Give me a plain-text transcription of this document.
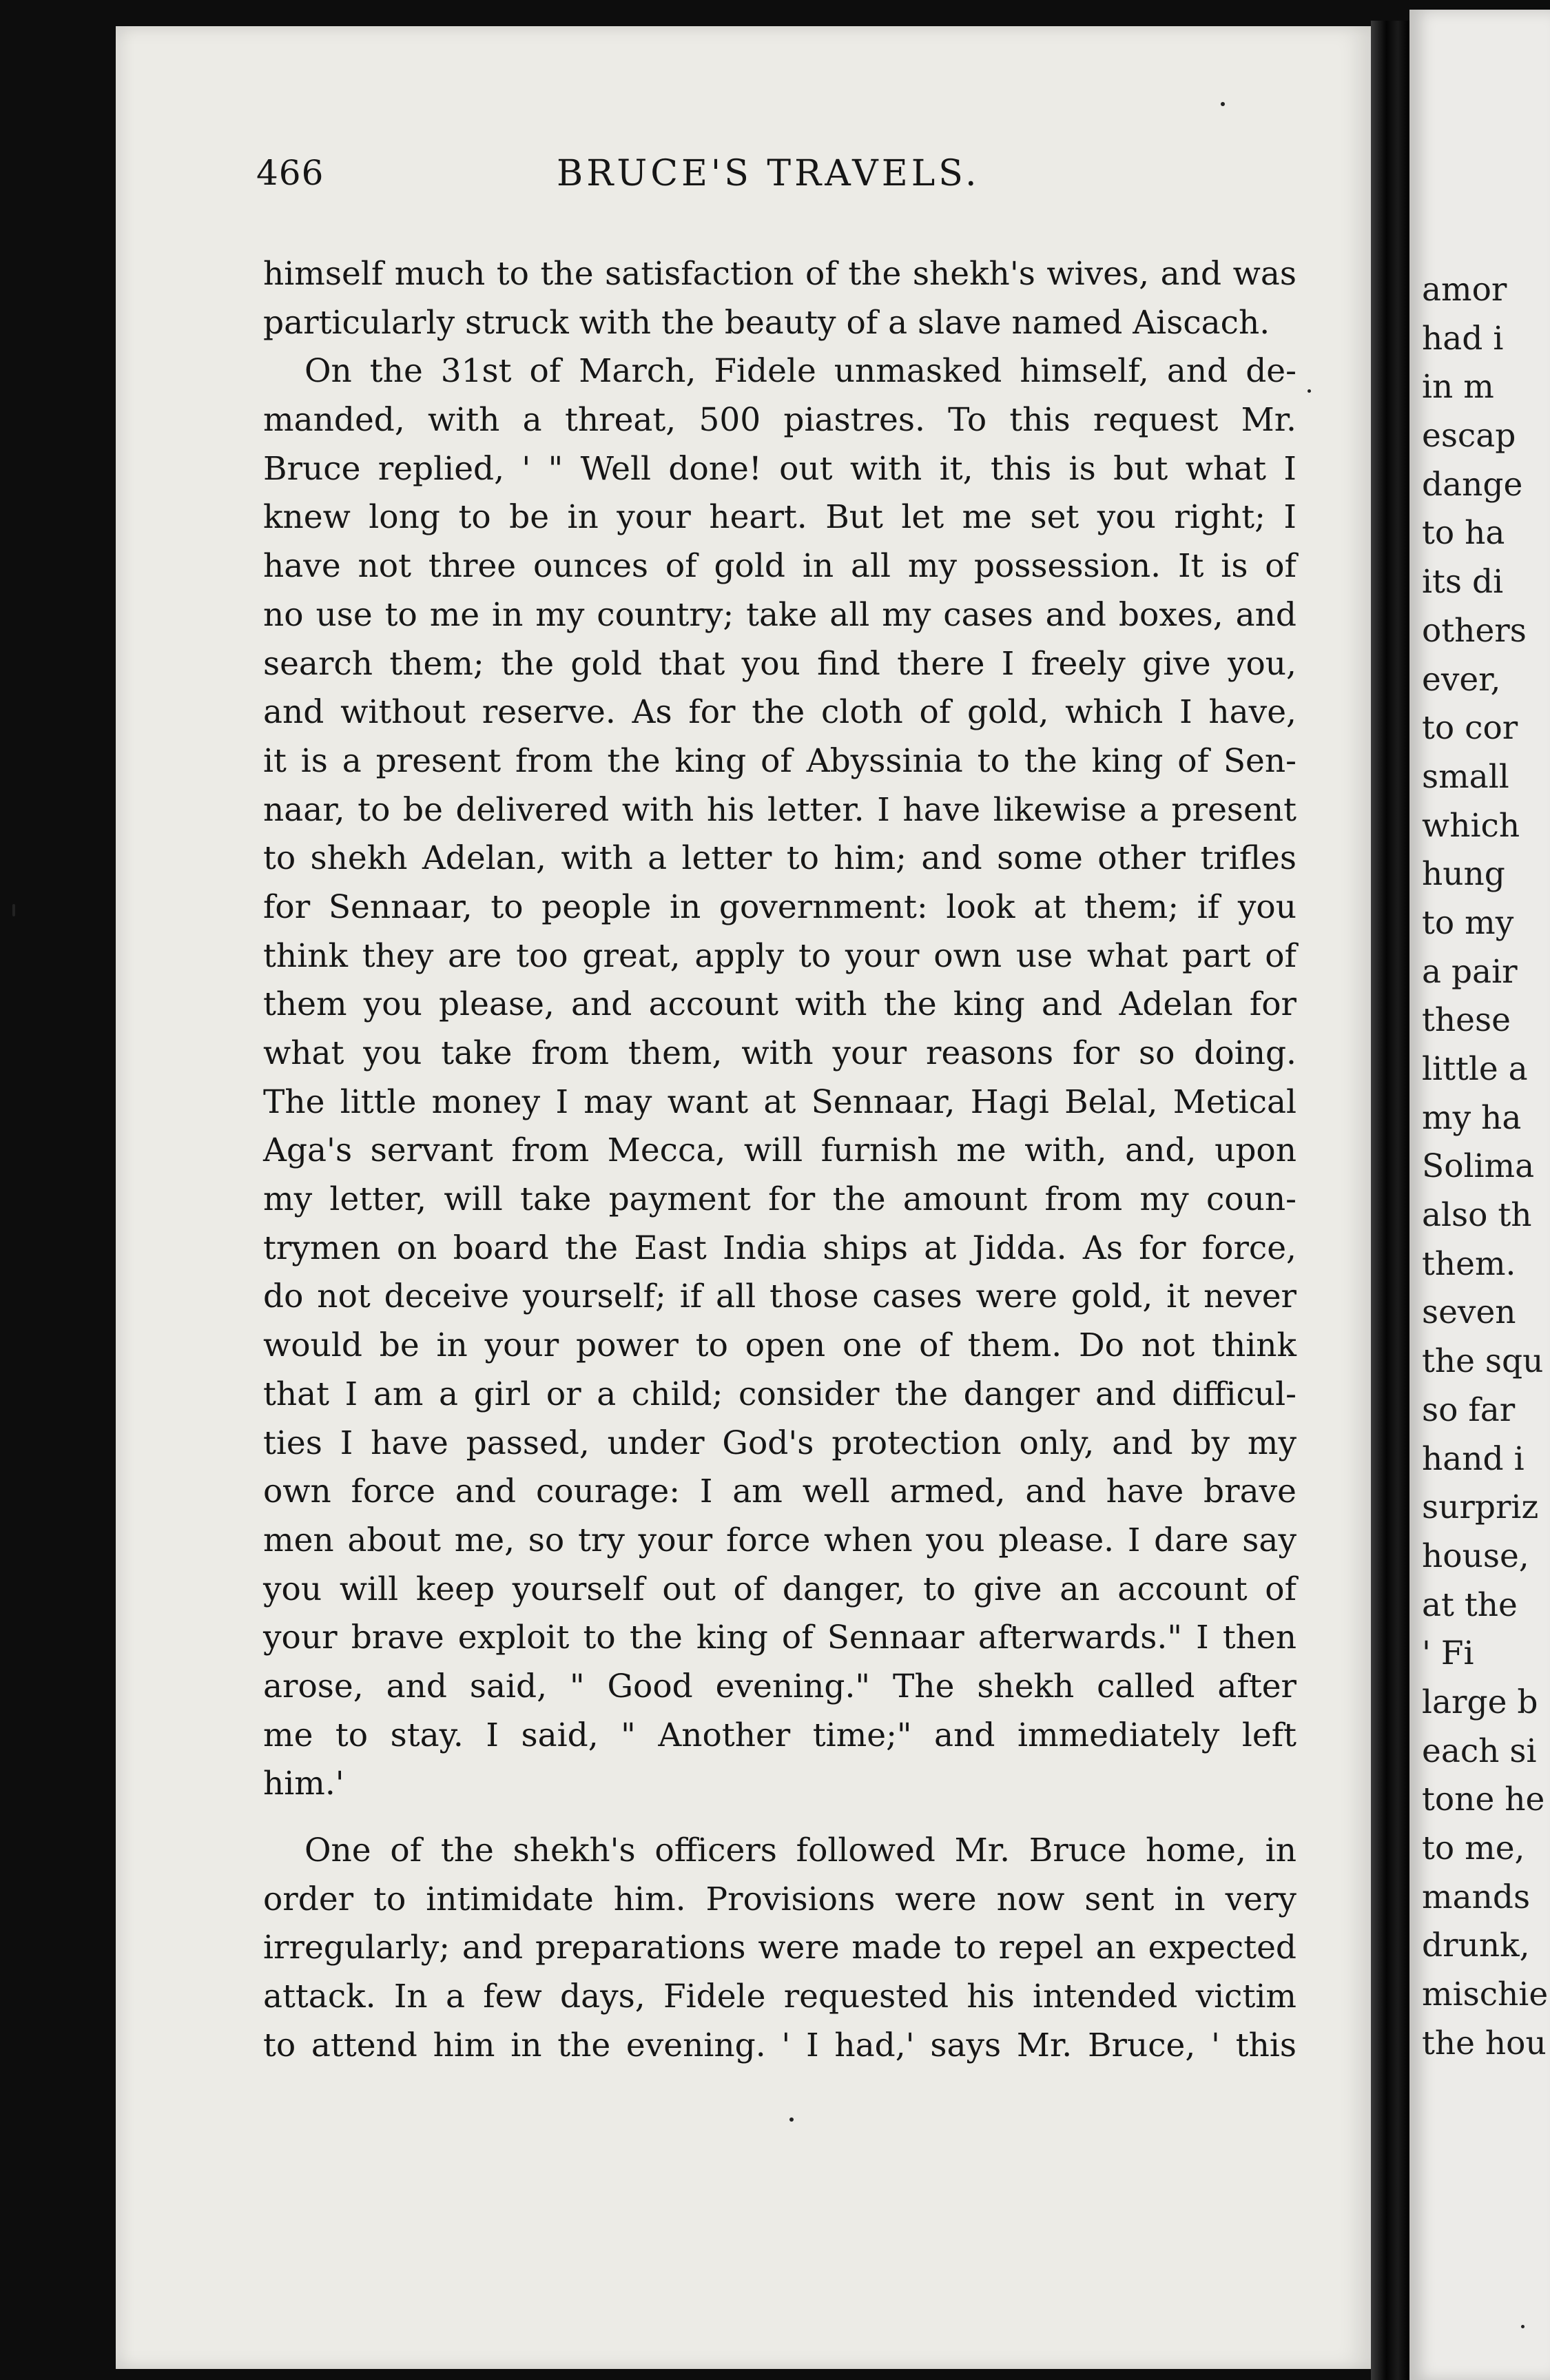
466	BRUCE'S TRAVELS.
himself much to the satisfaction of the shekh's wives, and was
particularly struck with the beauty of a slave named Aiscach.
On the 31st of March, Fidele unmasked himself, and de-
manded, with a threat, 500 piastres. To this request Mr.
Bruce replied, ' " Well done! out with it, this is but what I
knew long to be in your heart. But let me set you right; I
have not three ounces of gold in all my possession. It is of
no use to me in my country; take all my cases and boxes, and
search them; the gold that you find there I freely give you,
and without reserve. As for the cloth of gold, which I have,
it is a present from the king of Abyssinia to the king of Sen-
naar, to be delivered with his letter. I have likewise a present
to shekh Adelan, with a letter to him; and some other trifles
for Sennaar, to people in government: look at them; if you
think they are too great, apply to your own use what part of
them you please, and account with the king and Adelan for
what you take from them, with your reasons for so doing.
The little money I may want at Sennaar, Hagi Belal, Metical
Aga's servant from Mecca, will furnish me with, and, upon
my letter, will take payment for the amount from my coun-
trymen on board the East India ships at Jidda. As for force,
do not deceive yourself; if all those cases were gold, it never
would be in your power to open one of them. Do not think
that I am a girl or a child; consider the danger and difficul-
ties I have passed, under God's protection only, and by my
own force and courage: I am well armed, and have brave
men about me, so try your force when you please. I dare say
you will keep yourself out of danger, to give an account of
your brave exploit to the king of Sennaar afterwards." I then
arose, and said, " Good evening." The shekh called after
me to stay. I said, " Another time;" and immediately left
him.'
One of the shekh's officers followed Mr. Bruce home, in
order to intimidate him. Provisions were now sent in very
irregularly; and preparations were made to repel an expected
attack. In a few days, Fidele requested his intended victim
to attend him in the evening. ' I had,' says Mr. Bruce, ' this
amor
had i
in m
escap
dange
to ha
its di
others
ever,
to cor
small
which
hung
to my
a pair
these
little a
my ha
Solima
also th
them.
seven
the squ
so far
hand i
surpriz
house,
at the
' Fi
large b
each si
tone he
to me,
mands
drunk,
mischie
the hou
